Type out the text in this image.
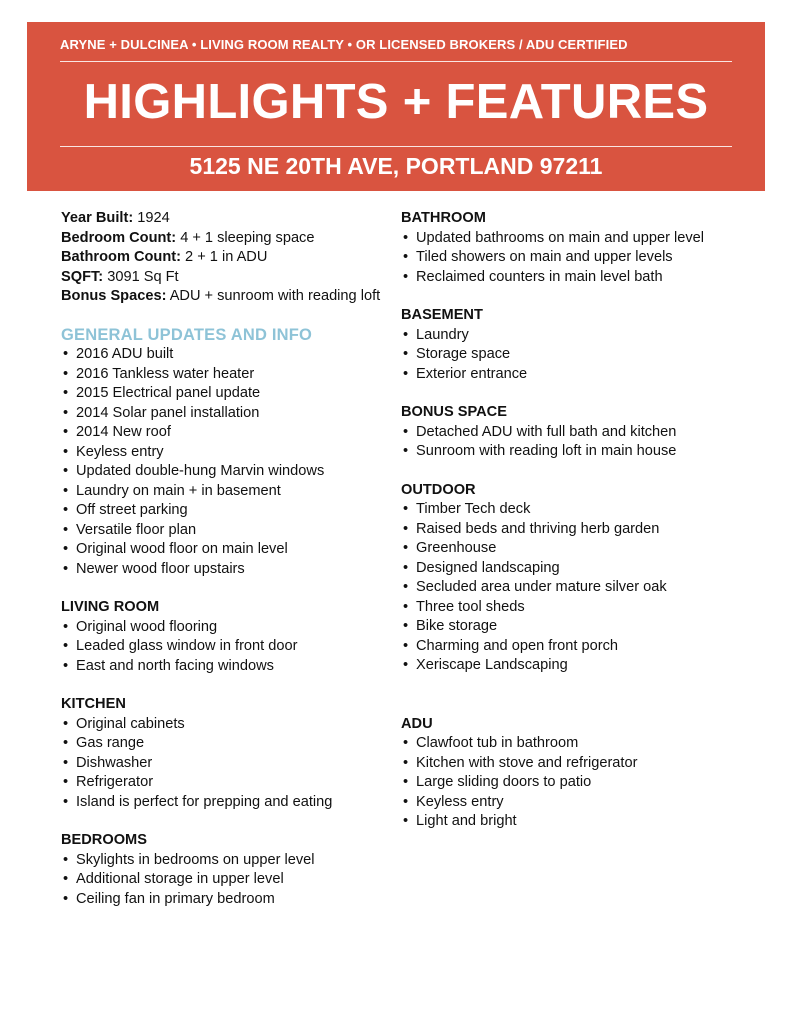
ARYNE + DULCINEA • LIVING ROOM REALTY • OR LICENSED BROKERS / ADU CERTIFIED
HIGHLIGHTS + FEATURES
5125 NE 20TH AVE, PORTLAND 97211

Year Built: 1924

Bedroom Count: 4 + 1 sleeping space

Bathroom Count: 2 + 1 in ADU

SQFT: 3091 Sq Ft

Bonus Spaces: ADU + sunroom with reading loft

GENERAL UPDATES AND INFO

• 2016 ADU built
• 2016 Tankless water heater
• 2015 Electrical panel update
• 2014 Solar panel installation
• 2014 New roof
• Keyless entry
• Updated double-hung Marvin windows
• Laundry on main + in basement
• Off street parking
• Versatile floor plan
• Original wood floor on main level
• Newer wood floor upstairs

LIVING ROOM

• Original wood flooring
• Leaded glass window in front door
• East and north facing windows

KITCHEN

• Original cabinets
• Gas range
• Dishwasher
• Refrigerator
• Island is perfect for prepping and eating

BEDROOMS

• Skylights in bedrooms on upper level
• Additional storage in upper level
• Ceiling fan in primary bedroom

BATHROOM

• Updated bathrooms on main and upper level
• Tiled showers on main and upper levels
• Reclaimed counters in main level bath

BASEMENT

• Laundry
• Storage space
• Exterior entrance

BONUS SPACE

• Detached ADU with full bath and kitchen
• Sunroom with reading loft in main house

OUTDOOR

• Timber Tech deck
• Raised beds and thriving herb garden
• Greenhouse
• Designed landscaping
• Secluded area under mature silver oak
• Three tool sheds
• Bike storage
• Charming and open front porch
• Xeriscape Landscaping

ADU

• Clawfoot tub in bathroom
• Kitchen with stove and refrigerator
• Large sliding doors to patio
• Keyless entry
• Light and bright
